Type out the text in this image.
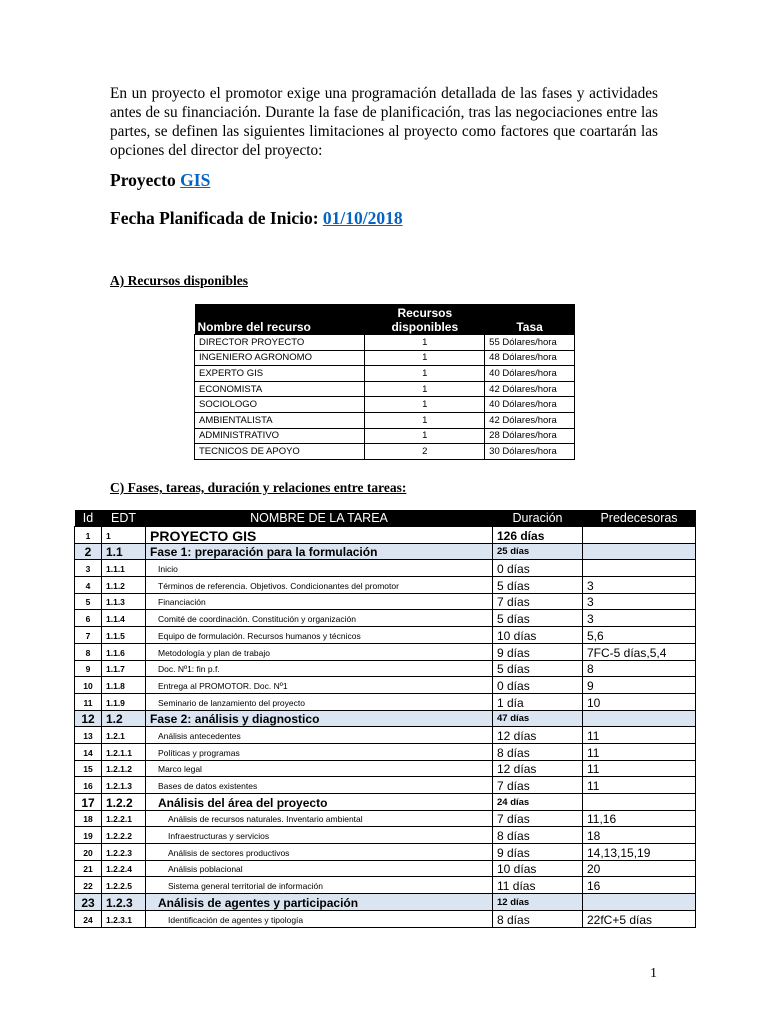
En un proyecto el promotor exige una programación detallada de las fases y actividades antes de su financiación. Durante la fase de planificación, tras las negociaciones entre las partes, se definen las siguientes limitaciones al proyecto como factores que coartarán las opciones del director del proyecto:

Proyecto GIS
Fecha Planificada de Inicio: 01/10/2018

A) Recursos disponibles

Nombre del recurso	Recursos disponibles	Tasa
DIRECTOR PROYECTO	1	55 Dólares/hora
INGENIERO AGRONOMO	1	48 Dólares/hora
EXPERTO GIS	1	40 Dólares/hora
ECONOMISTA	1	42 Dólares/hora
SOCIOLOGO	1	40 Dólares/hora
AMBIENTALISTA	1	42 Dólares/hora
ADMINISTRATIVO	1	28 Dólares/hora
TECNICOS DE APOYO	2	30 Dólares/hora

C) Fases, tareas, duración y relaciones entre tareas:

Id	EDT	NOMBRE DE LA TAREA	Duración	Predecesoras
1	1	PROYECTO GIS	126 días	
2	1.1	Fase 1: preparación para la formulación	25 días	
3	1.1.1	Inicio	0 días	
4	1.1.2	Términos de referencia. Objetivos. Condicionantes del promotor	5 días	3
5	1.1.3	Financiación	7 días	3
6	1.1.4	Comité de coordinación. Constitución y organización	5 días	3
7	1.1.5	Equipo de formulación. Recursos humanos y técnicos	10 días	5,6
8	1.1.6	Metodología y plan de trabajo	9 días	7FC-5 días,5,4
9	1.1.7	Doc. Nº1: fin p.f.	5 días	8
10	1.1.8	Entrega al PROMOTOR. Doc. Nº1	0 días	9
11	1.1.9	Seminario de lanzamiento del proyecto	1 día	10
12	1.2	Fase 2: análisis y diagnostico	47 días	
13	1.2.1	Análisis antecedentes	12 días	11
14	1.2.1.1	Políticas y programas	8 días	11
15	1.2.1.2	Marco legal	12 días	11
16	1.2.1.3	Bases de datos existentes	7 días	11
17	1.2.2	Análisis del área del proyecto	24 días	
18	1.2.2.1	Análisis de recursos naturales. Inventario ambiental	7 días	11,16
19	1.2.2.2	Infraestructuras y servicios	8 días	18
20	1.2.2.3	Análisis de sectores productivos	9 días	14,13,15,19
21	1.2.2.4	Análisis poblacional	10 días	20
22	1.2.2.5	Sistema general territorial de información	11 días	16
23	1.2.3	Análisis de agentes y participación	12 días	
24	1.2.3.1	Identificación de agentes y tipología	8 días	22fC+5 días
1
